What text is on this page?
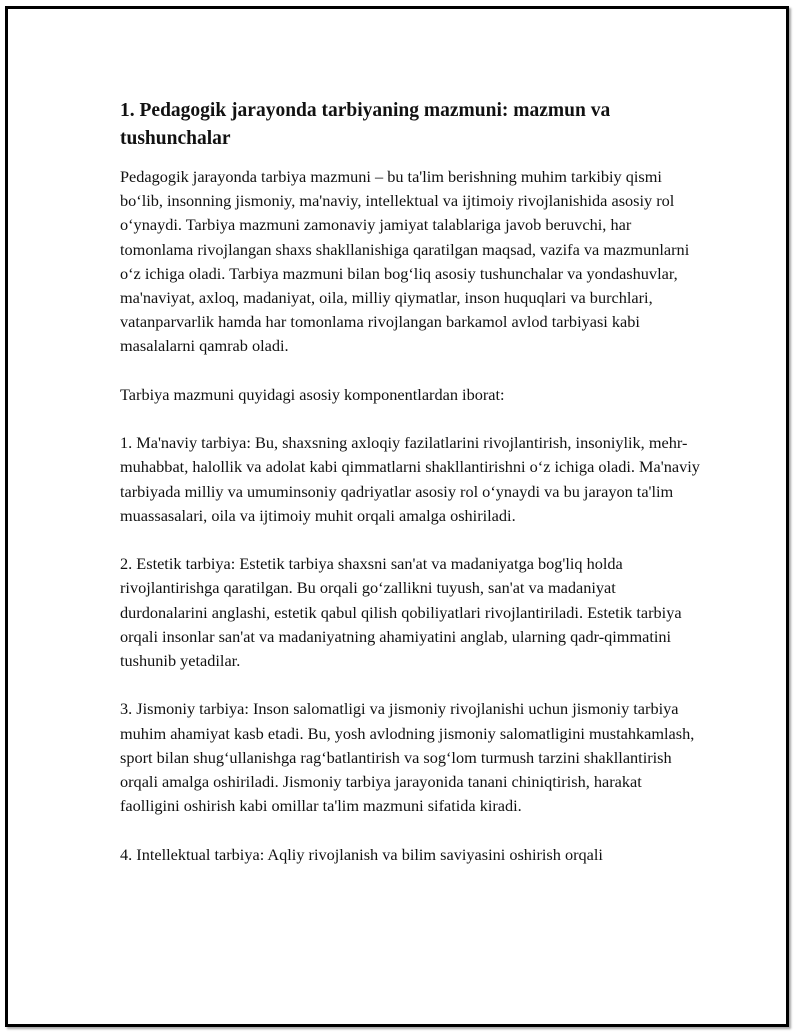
1. Pedagogik jarayonda tarbiyaning mazmuni: mazmun va tushunchalar

Pedagogik jarayonda tarbiya mazmuni – bu ta'lim berishning muhim tarkibiy qismi bo‘lib, insonning jismoniy, ma'naviy, intellektual va ijtimoiy rivojlanishida asosiy rol o‘ynaydi. Tarbiya mazmuni zamonaviy jamiyat talablariga javob beruvchi, har tomonlama rivojlangan shaxs shakllanishiga qaratilgan maqsad, vazifa va mazmunlarni o‘z ichiga oladi. Tarbiya mazmuni bilan bog‘liq asosiy tushunchalar va yondashuvlar, ma'naviyat, axloq, madaniyat, oila, milliy qiymatlar, inson huquqlari va burchlari, vatanparvarlik hamda har tomonlama rivojlangan barkamol avlod tarbiyasi kabi masalalarni qamrab oladi.

Tarbiya mazmuni quyidagi asosiy komponentlardan iborat:

1. Ma'naviy tarbiya: Bu, shaxsning axloqiy fazilatlarini rivojlantirish, insoniylik, mehr-muhabbat, halollik va adolat kabi qimmatlarni shakllantirishni o‘z ichiga oladi. Ma'naviy tarbiyada milliy va umuminsoniy qadriyatlar asosiy rol o‘ynaydi va bu jarayon ta'lim muassasalari, oila va ijtimoiy muhit orqali amalga oshiriladi.

2. Estetik tarbiya: Estetik tarbiya shaxsni san'at va madaniyatga bog'liq holda rivojlantirishga qaratilgan. Bu orqali go‘zallikni tuyush, san'at va madaniyat durdonalarini anglashi, estetik qabul qilish qobiliyatlari rivojlantiriladi. Estetik tarbiya orqali insonlar san'at va madaniyatning ahamiyatini anglab, ularning qadr-qimmatini tushunib yetadilar.

3. Jismoniy tarbiya: Inson salomatligi va jismoniy rivojlanishi uchun jismoniy tarbiya muhim ahamiyat kasb etadi. Bu, yosh avlodning jismoniy salomatligini mustahkamlash, sport bilan shug‘ullanishga rag‘batlantirish va sog‘lom turmush tarzini shakllantirish orqali amalga oshiriladi. Jismoniy tarbiya jarayonida tanani chiniqtirish, harakat faolligini oshirish kabi omillar ta'lim mazmuni sifatida kiradi.

4. Intellektual tarbiya: Aqliy rivojlanish va bilim saviyasini oshirish orqali
